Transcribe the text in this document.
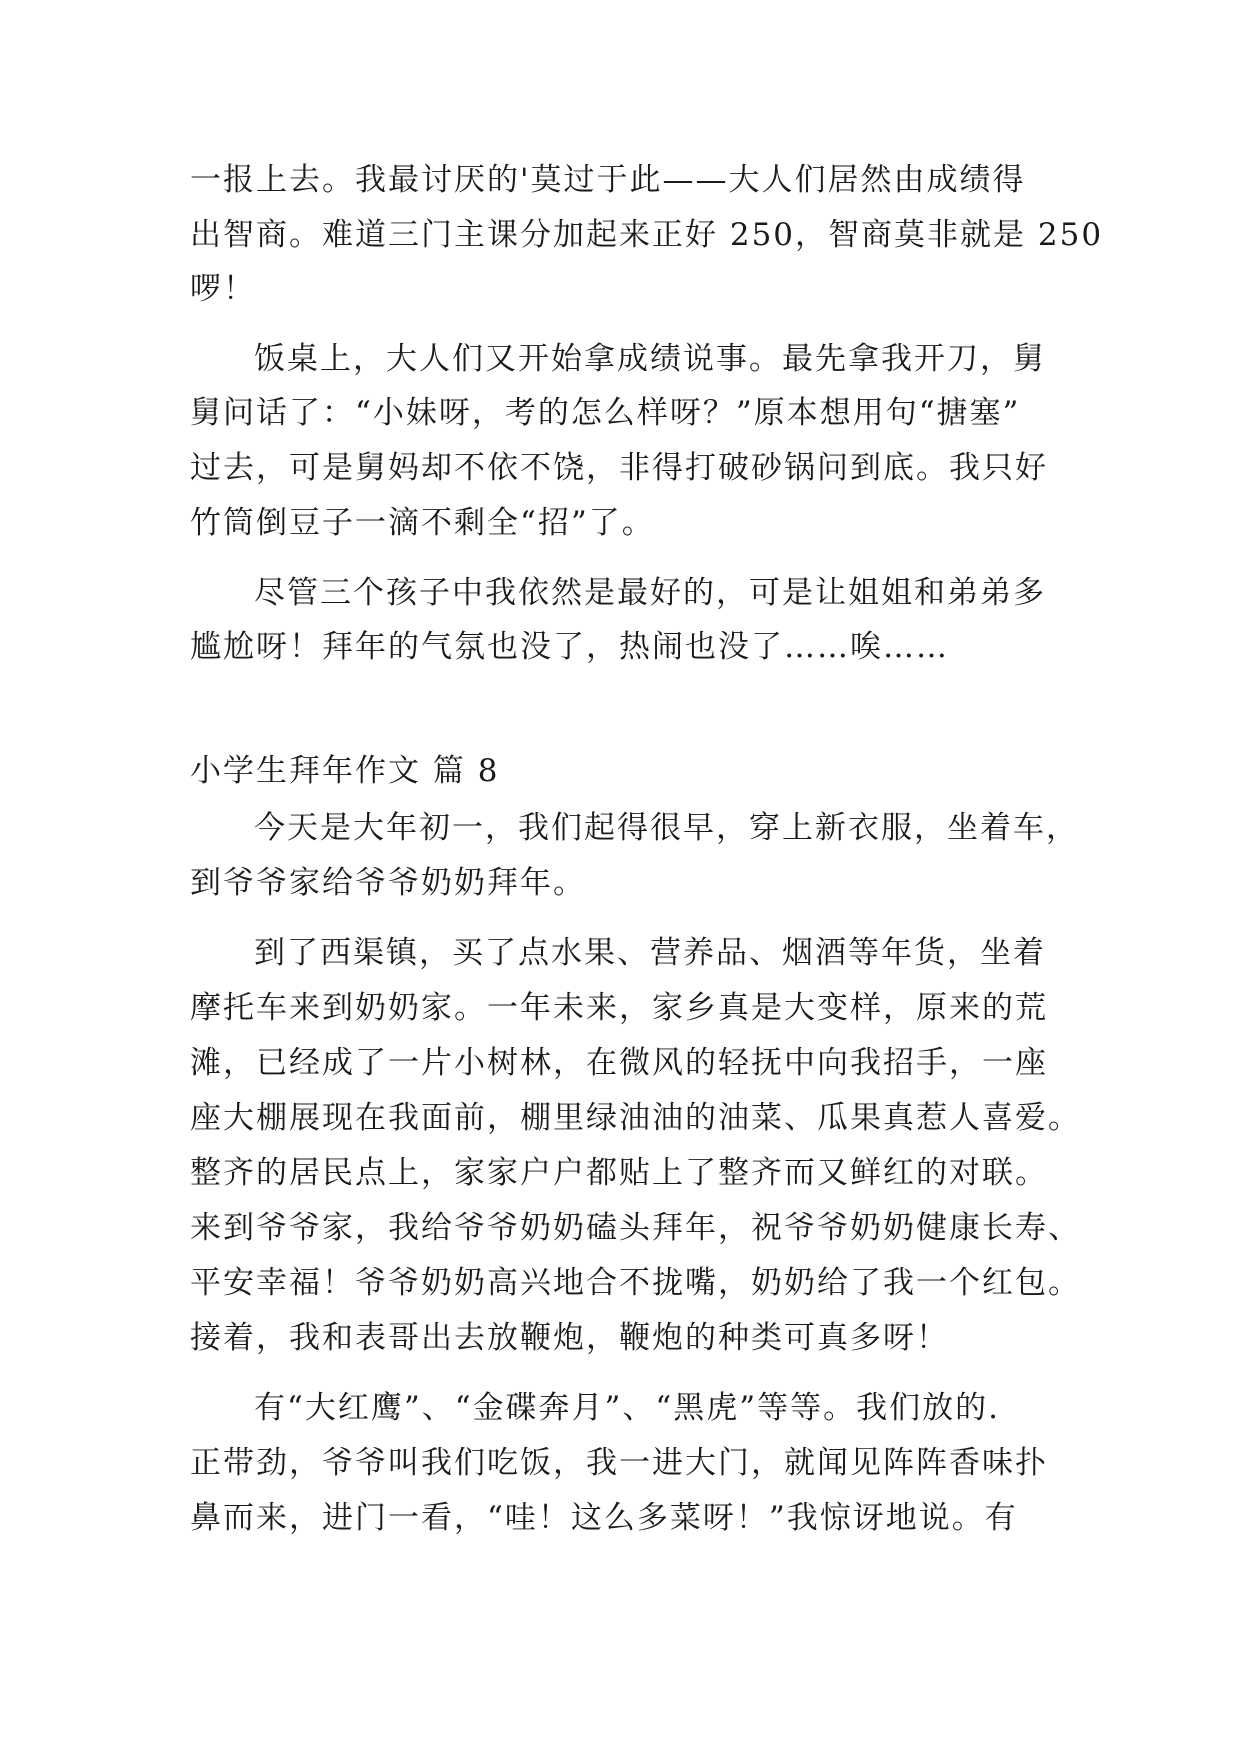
一报上去。我最讨厌的'莫过于此——大人们居然由成绩得
出智商。难道三门主课分加起来正好 250，智商莫非就是 250
啰！
饭桌上，大人们又开始拿成绩说事。最先拿我开刀，舅
舅问话了：“小妹呀，考的怎么样呀？”原本想用句“搪塞”
过去，可是舅妈却不依不饶，非得打破砂锅问到底。我只好
竹筒倒豆子一滴不剩全“招”了。
尽管三个孩子中我依然是最好的，可是让姐姐和弟弟多
尴尬呀！拜年的气氛也没了，热闹也没了……唉……
小学生拜年作文 篇 8
今天是大年初一，我们起得很早，穿上新衣服，坐着车，
到爷爷家给爷爷奶奶拜年。
到了西渠镇，买了点水果、营养品、烟酒等年货，坐着
摩托车来到奶奶家。一年未来，家乡真是大变样，原来的荒
滩，已经成了一片小树林，在微风的轻抚中向我招手，一座
座大棚展现在我面前，棚里绿油油的油菜、瓜果真惹人喜爱。
整齐的居民点上，家家户户都贴上了整齐而又鲜红的对联。
来到爷爷家，我给爷爷奶奶磕头拜年，祝爷爷奶奶健康长寿、
平安幸福！爷爷奶奶高兴地合不拢嘴，奶奶给了我一个红包。
接着，我和表哥出去放鞭炮，鞭炮的种类可真多呀！
有“大红鹰”、“金碟奔月”、“黑虎”等等。我们放的.
正带劲，爷爷叫我们吃饭，我一进大门，就闻见阵阵香味扑
鼻而来，进门一看，“哇！这么多菜呀！”我惊讶地说。有
